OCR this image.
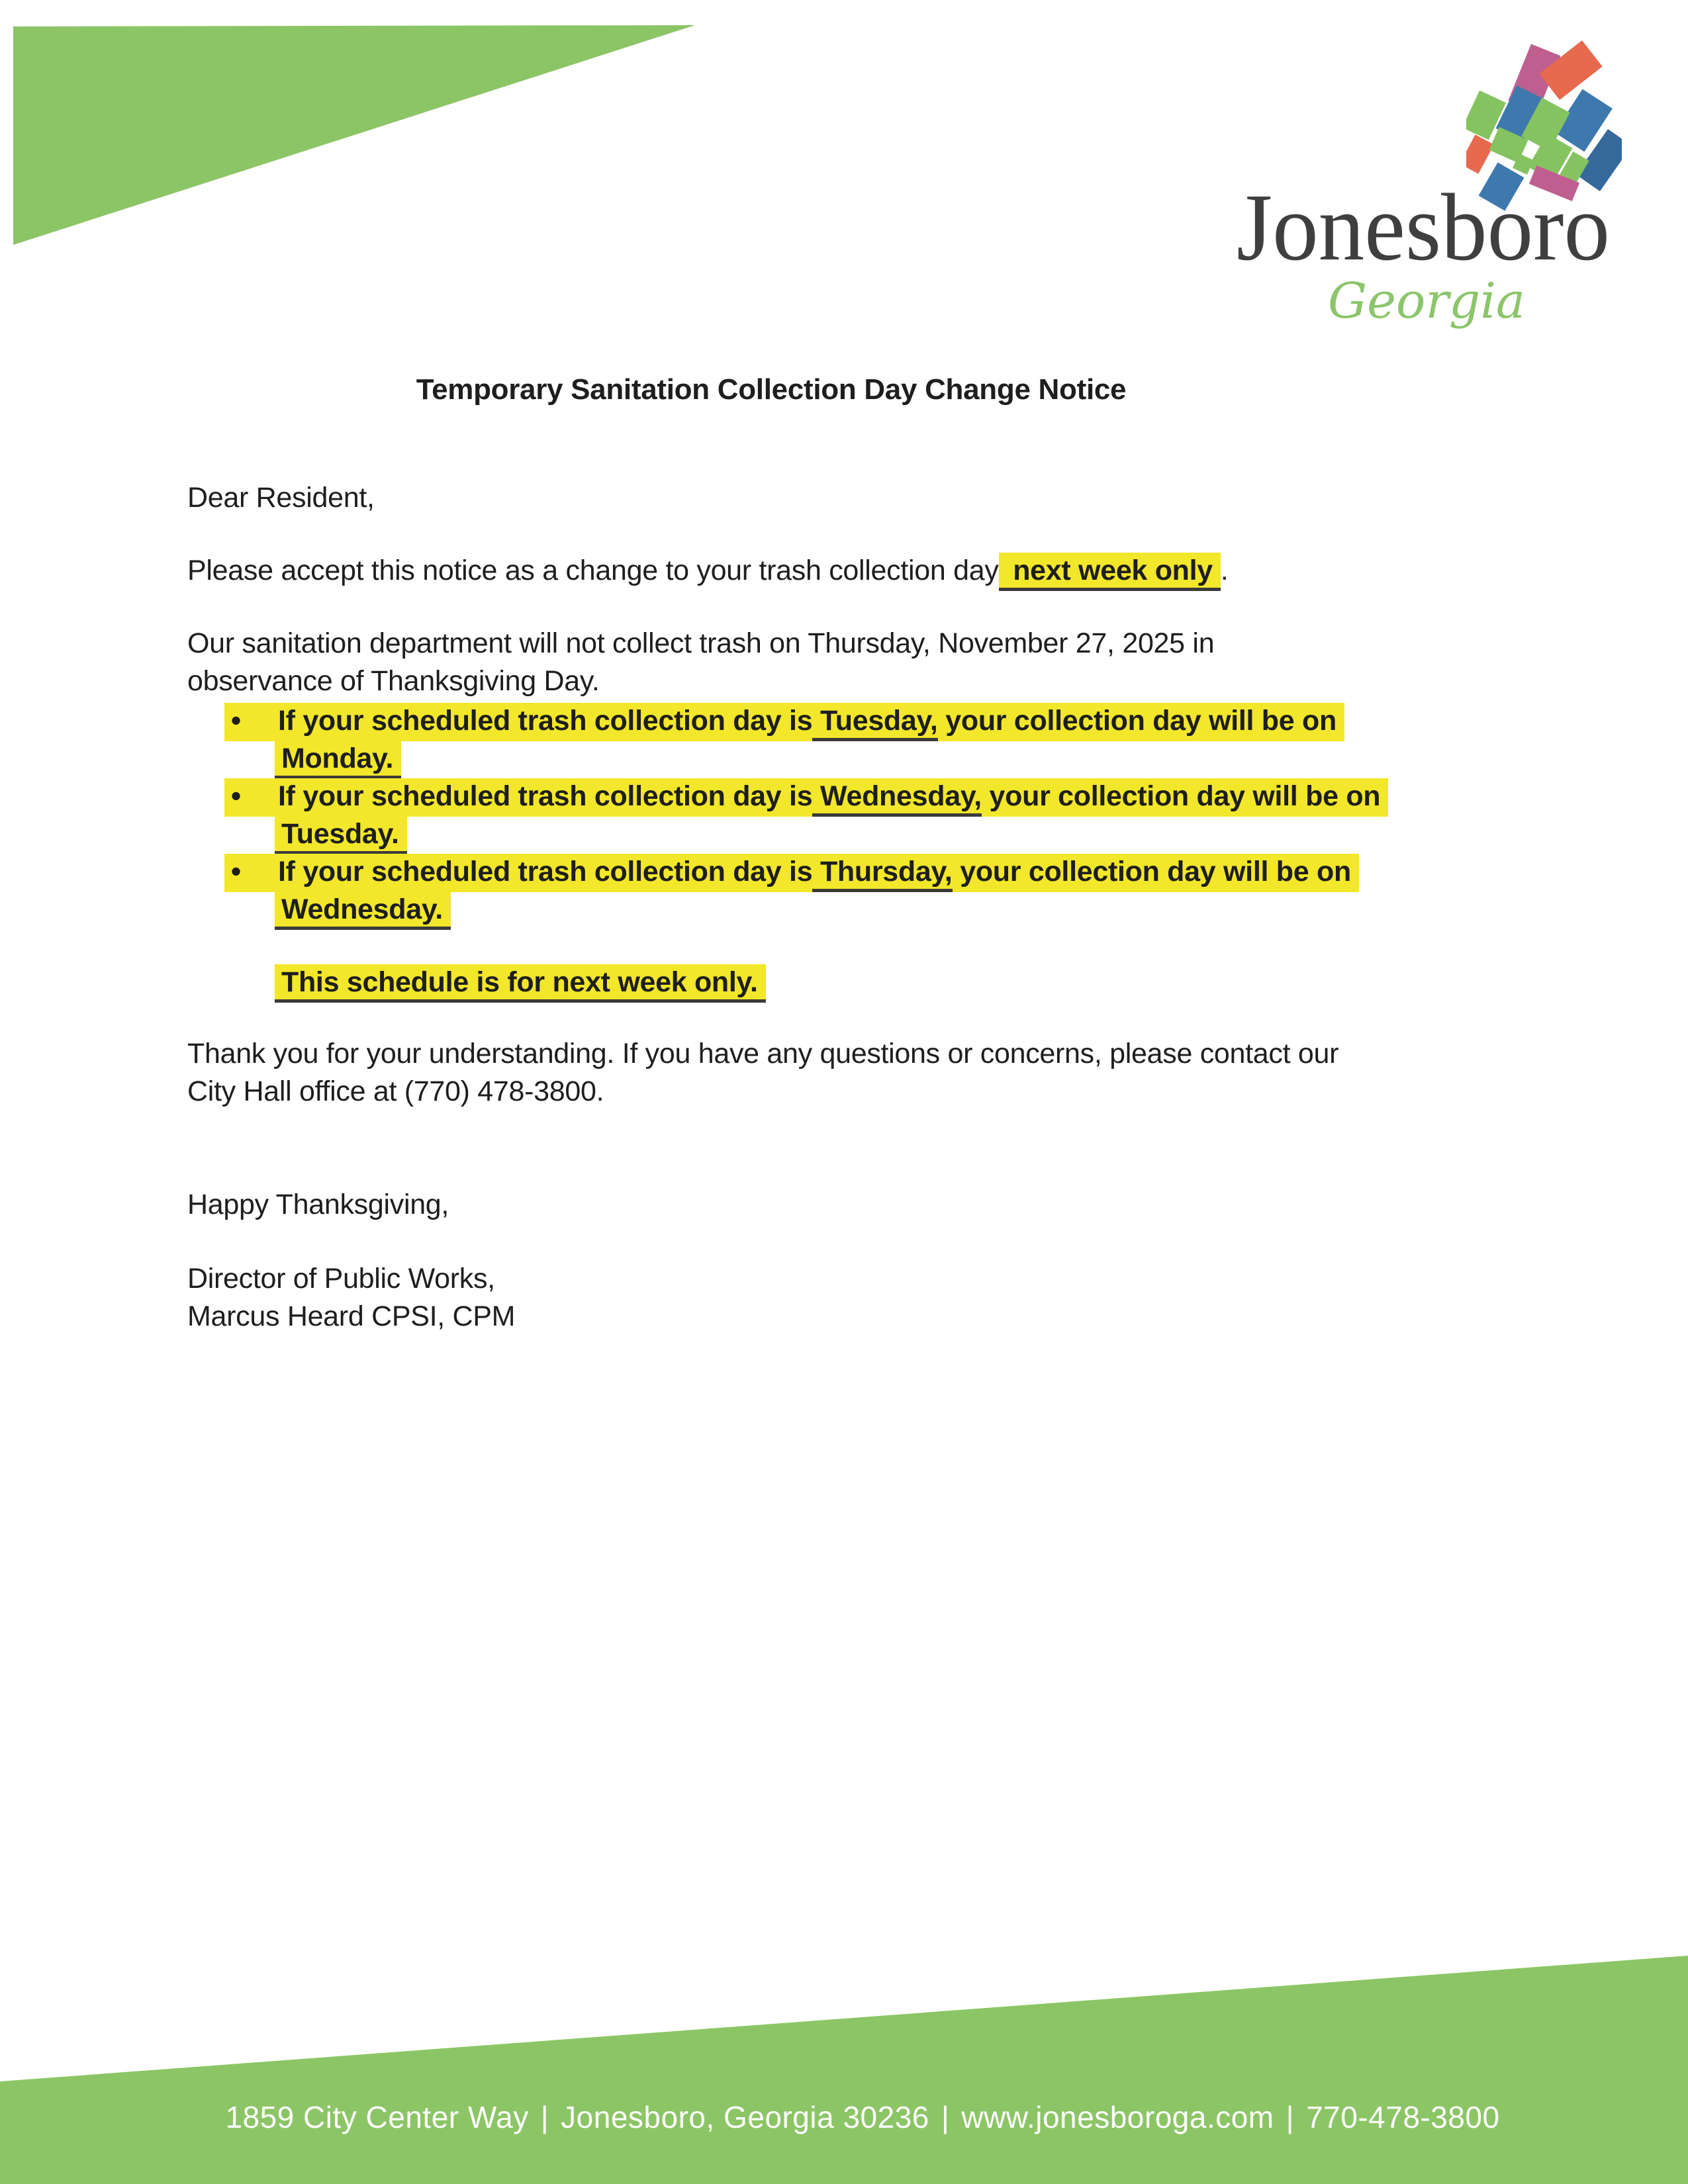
Jonesboro
Georgia
Temporary Sanitation Collection Day Change Notice
Dear Resident,
Please accept this notice as a change to your trash collection day next week only .
Our sanitation department will not collect trash on Thursday, November 27, 2025 in
observance of Thanksgiving Day.
• If your scheduled trash collection day is Tuesday, your collection day will be on
Monday.
• If your scheduled trash collection day is Wednesday, your collection day will be on
Tuesday.
• If your scheduled trash collection day is Thursday, your collection day will be on
Wednesday.
This schedule is for next week only.
Thank you for your understanding. If you have any questions or concerns, please contact our
City Hall office at (770) 478-3800.
Happy Thanksgiving,
Director of Public Works,
Marcus Heard CPSI, CPM
1859 City Center Way | Jonesboro, Georgia 30236 | www.jonesboroga.com | 770-478-3800
